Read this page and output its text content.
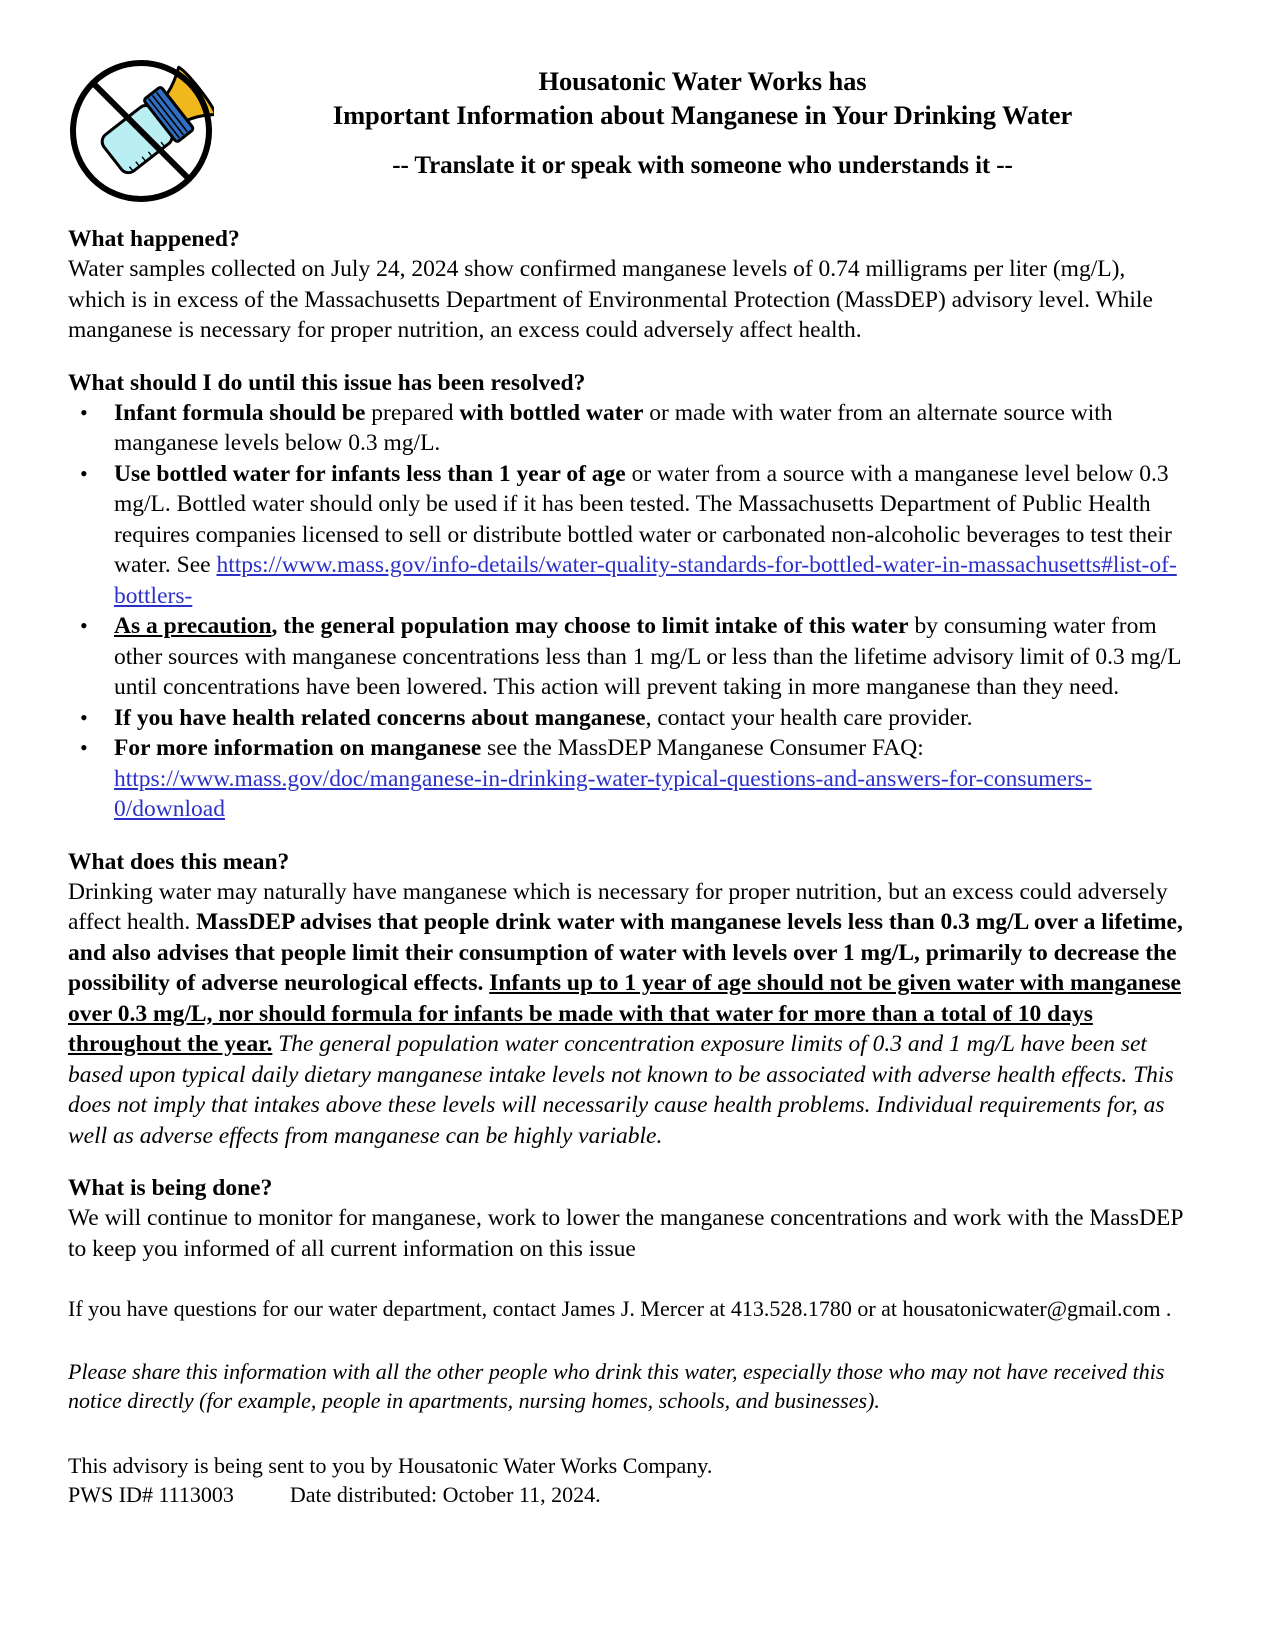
Housatonic Water Works has
Important Information about Manganese in Your Drinking Water
-- Translate it or speak with someone who understands it --
What happened?

Water samples collected on July 24, 2024 show confirmed manganese levels of 0.74 milligrams per liter (mg/L), which is in excess of the Massachusetts Department of Environmental Protection (MassDEP) advisory level. While manganese is necessary for proper nutrition, an excess could adversely affect health.

What should I do until this issue has been resolved?
• Infant formula should be prepared with bottled water or made with water from an alternate source with manganese levels below 0.3 mg/L.
• Use bottled water for infants less than 1 year of age or water from a source with a manganese level below 0.3 mg/L. Bottled water should only be used if it has been tested. The Massachusetts Department of Public Health requires companies licensed to sell or distribute bottled water or carbonated non-alcoholic beverages to test their water. See https://www.mass.gov/info-details/water-quality-standards-for-bottled-water-in-massachusetts#list-of-bottlers-
• As a precaution, the general population may choose to limit intake of this water by consuming water from other sources with manganese concentrations less than 1 mg/L or less than the lifetime advisory limit of 0.3 mg/L until concentrations have been lowered. This action will prevent taking in more manganese than they need.
• If you have health related concerns about manganese, contact your health care provider.
• For more information on manganese see the MassDEP Manganese Consumer FAQ: https://www.mass.gov/doc/manganese-in-drinking-water-typical-questions-and-answers-for-consumers-0/download
What does this mean?

Drinking water may naturally have manganese which is necessary for proper nutrition, but an excess could adversely affect health. MassDEP advises that people drink water with manganese levels less than 0.3 mg/L over a lifetime, and also advises that people limit their consumption of water with levels over 1 mg/L, primarily to decrease the possibility of adverse neurological effects. Infants up to 1 year of age should not be given water with manganese over 0.3 mg/L, nor should formula for infants be made with that water for more than a total of 10 days throughout the year. The general population water concentration exposure limits of 0.3 and 1 mg/L have been set based upon typical daily dietary manganese intake levels not known to be associated with adverse health effects. This does not imply that intakes above these levels will necessarily cause health problems. Individual requirements for, as well as adverse effects from manganese can be highly variable.

What is being done?

We will continue to monitor for manganese, work to lower the manganese concentrations and work with the MassDEP to keep you informed of all current information on this issue

If you have questions for our water department, contact James J. Mercer at 413.528.1780 or at housatonicwater@gmail.com .

Please share this information with all the other people who drink this water, especially those who may not have received this notice directly (for example, people in apartments, nursing homes, schools, and businesses).

This advisory is being sent to you by Housatonic Water Works Company.

PWS ID# 1113003	Date distributed: October 11, 2024.
